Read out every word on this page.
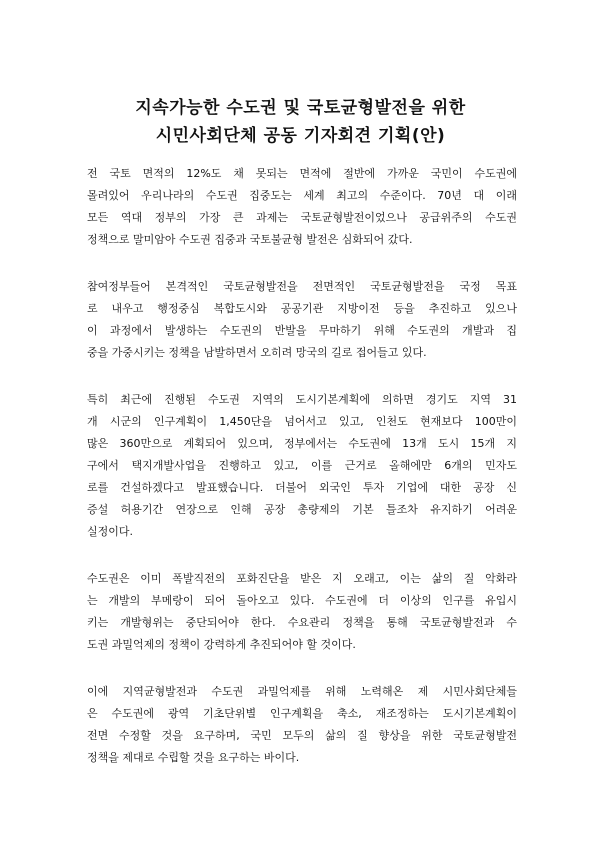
지속가능한 수도권 및 국토균형발전을 위한
시민사회단체 공동 기자회견 기획(안)
전 국토 면적의 12%도 채 못되는 면적에 절반에 가까운 국민이 수도권에
몰려있어 우리나라의 수도권 집중도는 세계 최고의 수준이다. 70년 대 이래
모든 역대 정부의 가장 큰 과제는 국토균형발전이었으나 공급위주의 수도권
정책으로 말미암아 수도권 집중과 국토불균형 발전은 심화되어 갔다.
참여정부들어 본격적인 국토균형발전을 전면적인 국토균형발전을 국정 목표
로 내우고 행정중심 복합도시와 공공기관 지방이전 등을 추진하고 있으나
이 과정에서 발생하는 수도권의 반발을 무마하기 위해 수도권의 개발과 집
중을 가중시키는 정책을 남발하면서 오히려 망국의 길로 접어들고 있다.
특히 최근에 진행된 수도권 지역의 도시기본계획에 의하면 경기도 지역 31
개 시군의 인구계획이 1,450단을 넘어서고 있고, 인천도 현재보다 100만이
많은 360만으로 계획되어 있으며, 정부에서는 수도권에 13개 도시 15개 지
구에서 택지개발사업을 진행하고 있고, 이를 근거로 올해에만 6개의 민자도
로를 건설하겠다고 발표했습니다. 더불어 외국인 투자 기업에 대한 공장 신
증설 허용기간 연장으로 인해 공장 총량제의 기본 틀조차 유지하기 어려운
실정이다.
수도권은 이미 폭발직전의 포화진단을 받은 지 오래고, 이는 삶의 질 악화라
는 개발의 부메랑이 되어 돌아오고 있다. 수도권에 더 이상의 인구를 유입시
키는 개발형위는 중단되어야 한다. 수요관리 정책을 통해 국토균형발전과 수
도권 과밀억제의 정책이 강력하게 추진되어야 할 것이다.
이에 지역균형발전과 수도권 과밀억제를 위해 노력해온 제 시민사회단체들
은 수도권에 광역 기초단위별 인구계획을 축소, 재조정하는 도시기본계획이
전면 수정할 것을 요구하며, 국민 모두의 삶의 질 향상을 위한 국토균형발전
정책을 제대로 수립할 것을 요구하는 바이다.
